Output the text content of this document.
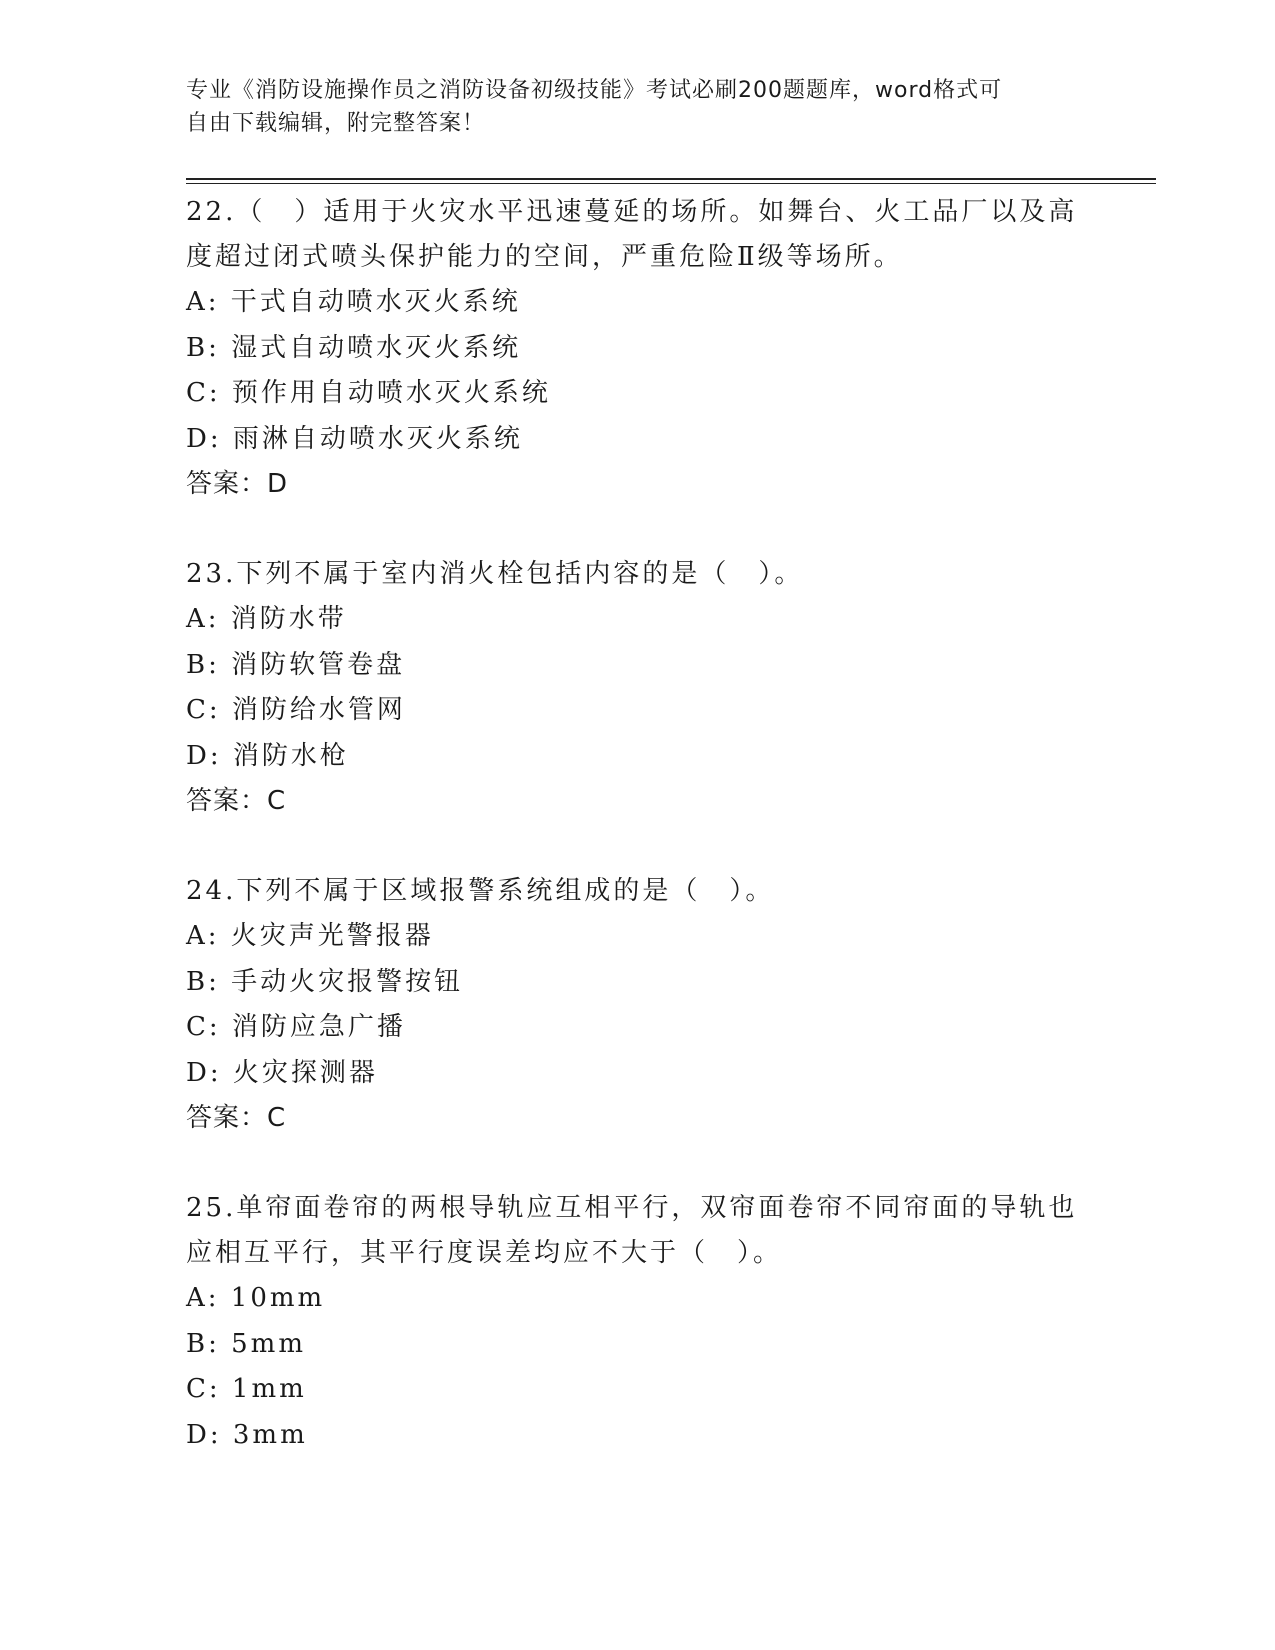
专业《消防设施操作员之消防设备初级技能》考试必刷200题题库，word格式可
自由下载编辑，附完整答案！
22.（　）适用于火灾水平迅速蔓延的场所。如舞台、火工品厂以及高度超过闭式喷头保护能力的空间，严重危险Ⅱ级等场所。
A: 干式自动喷水灭火系统
B: 湿式自动喷水灭火系统
C: 预作用自动喷水灭火系统
D: 雨淋自动喷水灭火系统
答案：D
23.下列不属于室内消火栓包括内容的是（　）。
A: 消防水带
B: 消防软管卷盘
C: 消防给水管网
D: 消防水枪
答案：C
24.下列不属于区域报警系统组成的是（　）。
A: 火灾声光警报器
B: 手动火灾报警按钮
C: 消防应急广播
D: 火灾探测器
答案：C
25.单帘面卷帘的两根导轨应互相平行，双帘面卷帘不同帘面的导轨也应相互平行，其平行度误差均应不大于（　）。
A: 10mm
B: 5mm
C: 1mm
D: 3mm
